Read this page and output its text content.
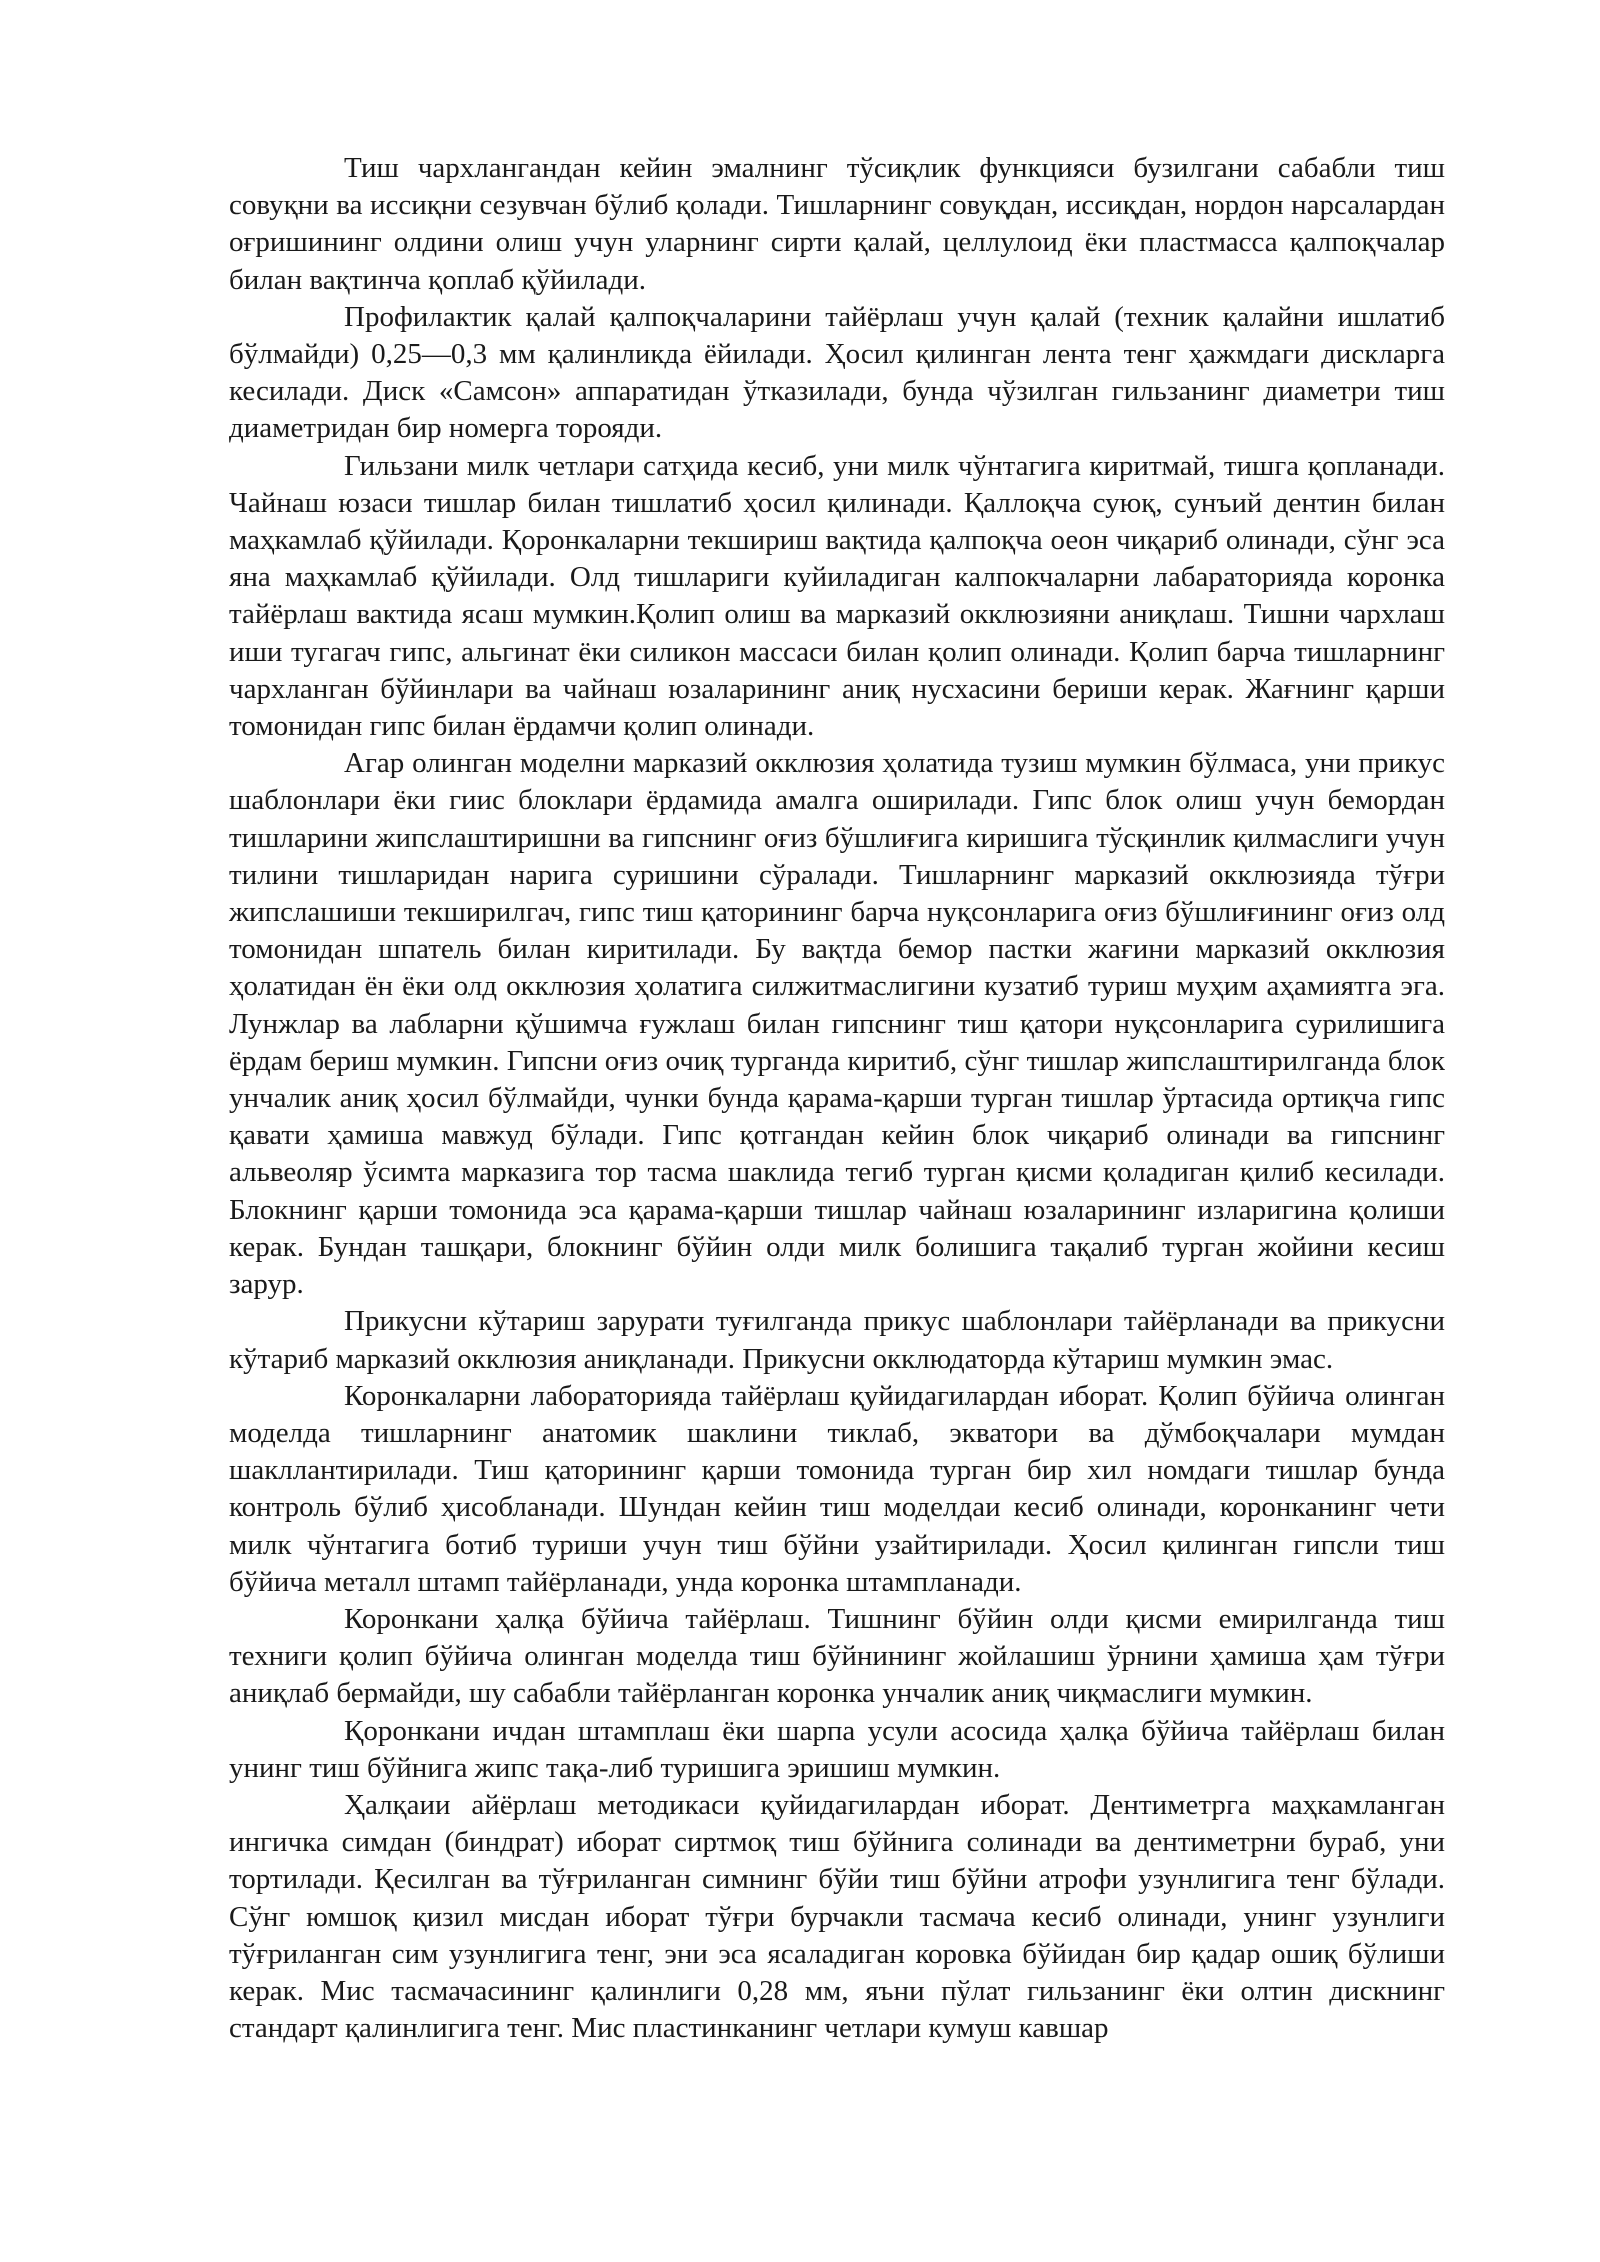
Тиш чархлангандан кейин эмалнинг тўсиқлик функцияси бузилгани сабабли тиш совуқни ва иссиқни сезувчан бўлиб қолади. Тишларнинг совуқдан, иссиқдан, нордон нарсалардан оғришининг олдини олиш учун уларнинг сирти қалай, целлулоид ёки пластмасса қалпоқчалар билан вақтинча қоплаб қўйилади.

Профилактик қалай қалпоқчаларини тайёрлаш учун қалай (техник қалайни ишлатиб бўлмайди) 0,25—0,3 мм қалинликда ёйилади. Ҳосил қилинган лента тенг ҳажмдаги дискларга кесилади. Диск «Самсон» аппаратидан ўтказилади, бунда чўзилган гильзанинг диаметри тиш диаметридан бир номерга торояди.

Гильзани милк четлари сатҳида кесиб, уни милк чўнтагига киритмай, тишга қопланади. Чайнаш юзаси тишлар билан тишлатиб ҳосил қилинади. Қаллоқча суюқ, сунъий дентин билан маҳкамлаб қўйилади. Қоронкаларни текшириш вақтида қалпоқча оеон чиқариб олинади, сўнг эса яна маҳкамлаб қўйилади. Олд тишлариги куйиладиган калпокчаларни лабараторияда коронка тайёрлаш вактида ясаш мумкин.Қолип олиш ва марказий окклюзияни аниқлаш. Тишни чархлаш иши тугагач гипс, альгинат ёки силикон массаси билан қолип олинади. Қолип барча тишларнинг чархланган бўйинлари ва чайнаш юзаларининг аниқ нусхасини бериши керак. Жағнинг қарши томонидан гипс билан ёрдамчи қолип олинади.

Агар олинган моделни марказий окклюзия ҳолатида тузиш мумкин бўлмаса, уни прикус шаблонлари ёки гиис блоклари ёрдамида амалга оширилади. Гипс блок олиш учун бемордан тишларини жипслаштиришни ва гипснинг оғиз бўшлиғига киришига тўсқинлик қилмаслиги учун тилини тишларидан нарига суришини сўралади. Тишларнинг марказий окклюзияда тўғри жипслашиши текширилгач, гипс тиш қаторининг барча нуқсонларига оғиз бўшлиғининг оғиз олд томонидан шпатель билан киритилади. Бу вақтда бемор пастки жағини марказий окклюзия ҳолатидан ён ёки олд окклюзия ҳолатига силжитмаслигини кузатиб туриш муҳим аҳамиятга эга. Лунжлар ва лабларни қўшимча ғужлаш билан гипснинг тиш қатори нуқсонларига сурилишига ёрдам бериш мумкин. Гипсни оғиз очиқ турганда киритиб, сўнг тишлар жипслаштирилганда блок унчалик аниқ ҳосил бўлмайди, чунки бунда қарама-қарши турган тишлар ўртасида ортиқча гипс қавати ҳамиша мавжуд бўлади. Гипс қотгандан кейин блок чиқариб олинади ва гипснинг альвеоляр ўсимта марказига тор тасма шаклида тегиб турган қисми қоладиган қилиб кесилади. Блокнинг қарши томонида эса қарама-қарши тишлар чайнаш юзаларининг изларигина қолиши керак. Бундан ташқари, блокнинг бўйин олди милк болишига тақалиб турган жойини кесиш зарур.

Прикусни кўтариш зарурати туғилганда прикус шаблонлари тайёрланади ва прикусни кўтариб марказий окклюзия аниқланади. Прикусни окклюдаторда кўтариш мумкин эмас.

Коронкаларни лабораторияда тайёрлаш қуйидагилардан иборат. Қолип бўйича олинган моделда тишларнинг анатомик шаклини тиклаб, экватори ва дўмбоқчалари мумдан шакллантирилади. Тиш қаторининг қарши томонида турган бир хил номдаги тишлар бунда контроль бўлиб ҳисобланади. Шундан кейин тиш моделдаи кесиб олинади, коронканинг чети милк чўнтагига ботиб туриши учун тиш бўйни узайтирилади. Ҳосил қилинган гипсли тиш бўйича металл штамп тайёрланади, унда коронка штампланади.

Коронкани ҳалқа бўйича тайёрлаш. Тишнинг бўйин олди қисми емирилганда тиш техниги қолип бўйича олинган моделда тиш бўйнининг жойлашиш ўрнини ҳамиша ҳам тўғри аниқлаб бермайди, шу сабабли тайёрланган коронка унчалик аниқ чиқмаслиги мумкин.

Қоронкани ичдан штамплаш ёки шарпа усули асосида ҳалқа бўйича тайёрлаш билан унинг тиш бўйнига жипс тақа-либ туришига эришиш мумкин.

Ҳалқаии айёрлаш методикаси қуйидагилардан иборат. Дентиметрга маҳкамланган ингичка симдан (биндрат) иборат сиртмоқ тиш бўйнига солинади ва дентиметрни бураб, уни тортилади. Қесилган ва тўғриланган симнинг бўйи тиш бўйни атрофи узунлигига тенг бўлади. Сўнг юмшоқ қизил мисдан иборат тўғри бурчакли тасмача кесиб олинади, унинг узунлиги тўғриланган сим узунлигига тенг, эни эса ясаладиган коровка бўйидан бир қадар ошиқ бўлиши керак. Мис тасмачасининг қалинлиги 0,28 мм, яъни пўлат гильзанинг ёки олтин дискнинг стандарт қалинлигига тенг. Мис пластинканинг четлари кумуш кавшар
